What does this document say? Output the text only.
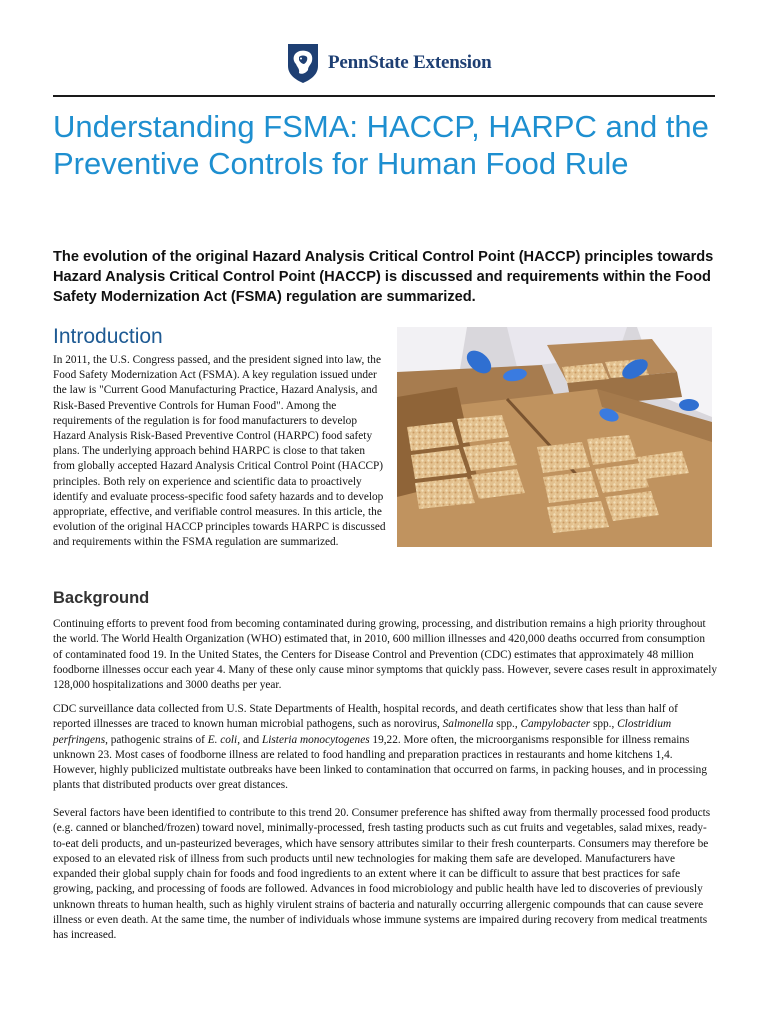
PennState Extension
Understanding FSMA: HACCP, HARPC and the Preventive Controls for Human Food Rule

The evolution of the original Hazard Analysis Critical Control Point (HACCP) principles towards Hazard Analysis Critical Control Point (HACCP) is discussed and requirements within the Food Safety Modernization Act (FSMA) regulation are summarized.

Introduction

In 2011, the U.S. Congress passed, and the president signed into law, the Food Safety Modernization Act (FSMA). A key regulation issued under the law is "Current Good Manufacturing Practice, Hazard Analysis, and Risk-Based Preventive Controls for Human Food". Among the requirements of the regulation is for food manufacturers to develop Hazard Analysis Risk-Based Preventive Control (HARPC) food safety plans. The underlying approach behind HARPC is close to that taken from globally accepted Hazard Analysis Critical Control Point (HACCP) principles. Both rely on experience and scientific data to proactively identify and evaluate process-specific food safety hazards and to develop appropriate, effective, and verifiable control measures. In this article, the evolution of the original HACCP principles towards HARPC is discussed and requirements within the FSMA regulation are summarized.

Background

Continuing efforts to prevent food from becoming contaminated during growing, processing, and distribution remains a high priority throughout the world. The World Health Organization (WHO) estimated that, in 2010, 600 million illnesses and 420,000 deaths occurred from consumption of contaminated food 19. In the United States, the Centers for Disease Control and Prevention (CDC) estimates that approximately 48 million foodborne illnesses occur each year 4. Many of these only cause minor symptoms that quickly pass. However, severe cases result in approximately 128,000 hospitalizations and 3000 deaths per year.

CDC surveillance data collected from U.S. State Departments of Health, hospital records, and death certificates show that less than half of reported illnesses are traced to known human microbial pathogens, such as norovirus, Salmonella spp., Campylobacter spp., Clostridium perfringens, pathogenic strains of E. coli, and Listeria monocytogenes 19,22. More often, the microorganisms responsible for illness remains unknown 23. Most cases of foodborne illness are related to food handling and preparation practices in restaurants and home kitchens 1,4. However, highly publicized multistate outbreaks have been linked to contamination that occurred on farms, in packing houses, and in processing plants that distributed products over great distances.

Several factors have been identified to contribute to this trend 20. Consumer preference has shifted away from thermally processed food products (e.g. canned or blanched/frozen) toward novel, minimally-processed, fresh tasting products such as cut fruits and vegetables, salad mixes, ready-to-eat deli products, and un-pasteurized beverages, which have sensory attributes similar to their fresh counterparts. Consumers may therefore be exposed to an elevated risk of illness from such products until new technologies for making them safe are developed. Manufacturers have expanded their global supply chain for foods and food ingredients to an extent where it can be difficult to assure that best practices for safe growing, packing, and processing of foods are followed. Advances in food microbiology and public health have led to discoveries of previously unknown threats to human health, such as highly virulent strains of bacteria and naturally occurring allergenic compounds that can cause severe illness or even death. At the same time, the number of individuals whose immune systems are impaired during recovery from medical treatments has increased.
